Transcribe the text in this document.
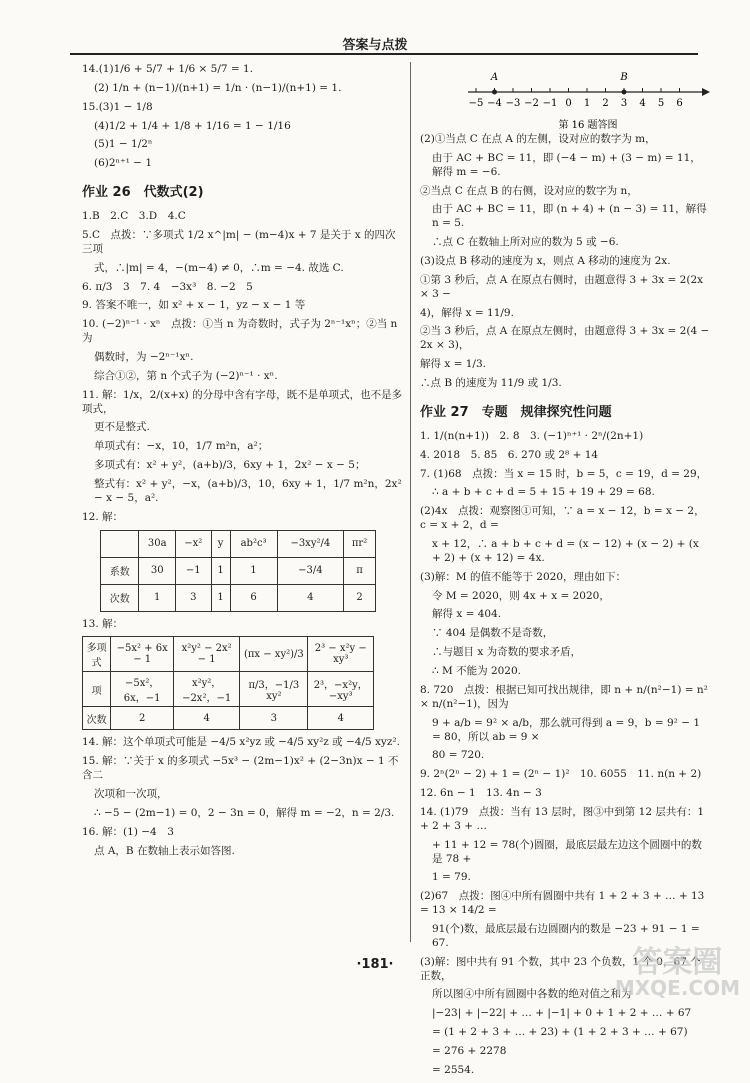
答案与点拨
14.(1)1/6 + 5/7 + 1/6 × 5/7 = 1.
(2) 1/n + (n−1)/(n+1) = 1/n · (n−1)/(n+1) = 1.
15.(3)1 − 1/8
(4)1/2 + 1/4 + 1/8 + 1/16 = 1 − 1/16
(5)1 − 1/2ⁿ
(6)2ⁿ⁺¹ − 1
作业 26　代数式(2)
1.B　2.C　3.D　4.C
5.C　点拨：∵多项式 1/2 x^|m| − (m−4)x + 7 是关于 x 的四次三项
式，∴|m| = 4，−(m−4) ≠ 0，∴m = −4. 故选 C.
6. π/3　3　7. 4　−3x³　8. −2　5
9. 答案不唯一，如 x² + x − 1，yz − x − 1 等
10. (−2)ⁿ⁻¹ · xⁿ　点拨：①当 n 为奇数时，式子为 2ⁿ⁻¹xⁿ；②当 n 为
偶数时，为 −2ⁿ⁻¹xⁿ.
综合①②，第 n 个式子为 (−2)ⁿ⁻¹ · xⁿ.
11. 解：1/x，2/(x+x) 的分母中含有字母，既不是单项式，也不是多项式，
更不是整式.
单项式有：−x，10，1/7 m²n，a²；
多项式有：x² + y²，(a+b)/3，6xy + 1，2x² − x − 5；
整式有：x² + y²，−x，(a+b)/3，10，6xy + 1，1/7 m²n，2x² − x − 5，a².
12. 解：
	30a	−x²	y	ab²c³	−3xy²/4	πr²
系数	30	−1	1	1	−3/4	π
次数	1	3	1	6	4	2
13. 解：
多项式	−5x² + 6x − 1	x²y² − 2x² − 1	(πx − xy²)/3	2³ − x²y − xy³
项	−5x²，6x，−1	x²y²，−2x²，−1	π/3，−1/3 xy²	2³，−x²y，−xy³
次数	2	4	3	4
14. 解：这个单项式可能是 −4/5 x²yz 或 −4/5 xy²z 或 −4/5 xyz².
15. 解：∵关于 x 的多项式 −5x³ − (2m−1)x² + (2−3n)x − 1 不含二
次项和一次项，
∴ −5 − (2m−1) = 0，2 − 3n = 0，解得 m = −2，n = 2/3.
16. 解：(1) −4　3
点 A，B 在数轴上表示如答图.
−5 −4 −3 −2 −1 0 1 2 3 4 5 6
A	B
第 16 题答图
(2)①当点 C 在点 A 的左侧，设对应的数字为 m，
由于 AC + BC = 11，即 (−4 − m) + (3 − m) = 11，解得 m = −6.
②当点 C 在点 B 的右侧，设对应的数字为 n，
由于 AC + BC = 11，即 (n + 4) + (n − 3) = 11，解得 n = 5.
∴点 C 在数轴上所对应的数为 5 或 −6.
(3)设点 B 移动的速度为 x，则点 A 移动的速度为 2x.
①第 3 秒后，点 A 在原点右侧时，由题意得 3 + 3x = 2(2x × 3 −
4)，解得 x = 11/9.
②当 3 秒后，点 A 在原点左侧时，由题意得 3 + 3x = 2(4 − 2x × 3)，
解得 x = 1/3.
∴点 B 的速度为 11/9 或 1/3.
作业 27　专题　规律探究性问题
1. 1/(n(n+1))　2. 8　3. (−1)ⁿ⁺¹ · 2ⁿ/(2n+1)
4. 2018　5. 85　6. 270 或 2⁸ + 14
7. (1)68　点拨：当 x = 15 时，b = 5，c = 19，d = 29，
∴ a + b + c + d = 5 + 15 + 19 + 29 = 68.
(2)4x　点拨：观察图①可知，∵ a = x − 12，b = x − 2，c = x + 2，d =
x + 12，∴ a + b + c + d = (x − 12) + (x − 2) + (x + 2) + (x + 12) = 4x.
(3)解：M 的值不能等于 2020，理由如下：
令 M = 2020，则 4x + x = 2020，
解得 x = 404.
∵ 404 是偶数不是奇数，
∴与题目 x 为奇数的要求矛盾，
∴ M 不能为 2020.
8. 720　点拨：根据已知可找出规律，即 n + n/(n²−1) = n² × n/(n²−1)，因为
9 + a/b = 9² × a/b，那么就可得到 a = 9，b = 9² − 1 = 80，所以 ab = 9 ×
80 = 720.
9. 2ⁿ(2ⁿ − 2) + 1 = (2ⁿ − 1)²　10. 6055　11. n(n + 2)
12. 6n − 1　13. 4n − 3
14. (1)79　点拨：当有 13 层时，图③中到第 12 层共有：1 + 2 + 3 + …
+ 11 + 12 = 78(个)圆圈，最底层最左边这个圆圈中的数是 78 +
1 = 79.
(2)67　点拨：图④中所有圆圈中共有 1 + 2 + 3 + … + 13 = 13 × 14/2 =
91(个)数，最底层最右边圆圈内的数是 −23 + 91 − 1 = 67.
(3)解：图中共有 91 个数，其中 23 个负数，1 个 0，67 个正数，
所以图④中所有圆圈中各数的绝对值之和为
|−23| + |−22| + … + |−1| + 0 + 1 + 2 + … + 67
= (1 + 2 + 3 + … + 23) + (1 + 2 + 3 + … + 67)
= 276 + 2278
= 2554.
·181·	答案圈
MXQE.COM
